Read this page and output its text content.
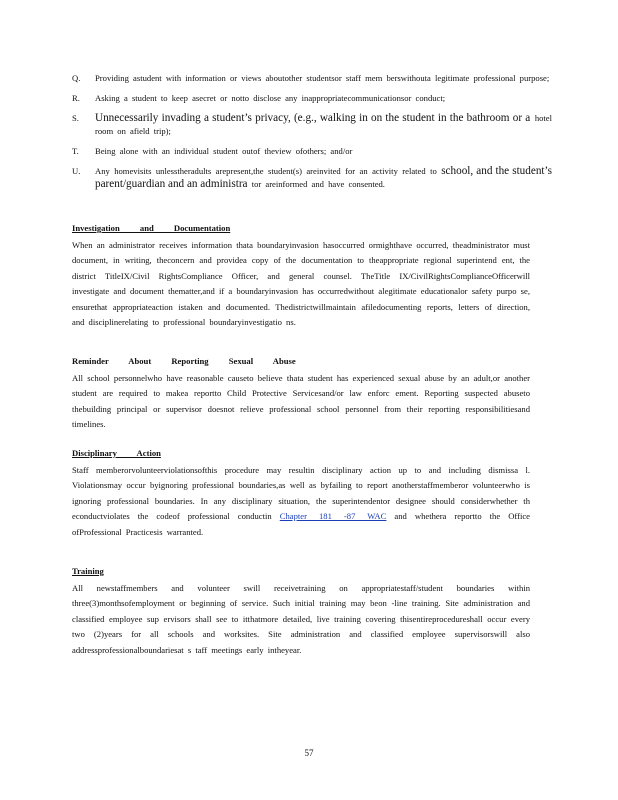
Q.	Providing astudent with information or views aboutother studentsor staff mem berswithouta legitimate professional purpose;
R.	Asking a student to keep asecret or notto disclose any inappropriatecommunicationsor conduct;
S.	Unnecessarily invading a student’s privacy, (e.g., walking in on the student in the bathroom or a hotel room on afield trip);
T.	Being alone with an individual student outof theview ofothers; and/or
U.	Any homevisits unlesstheradults arepresent,the student(s) areinvited for an activity related to school, and the student’s parent/guardian and an administra tor areinformed and have consented.

Investigation and Documentation

When an administrator receives information thata boundaryinvasion hasoccurred ormighthave occurred, theadministrator must document, in writing, theconcern and providea copy of the documentation to theappropriate regional superintend ent, the district TitleIX/Civil RightsCompliance Officer, and general counsel. TheTitle IX/CivilRightsComplianceOfficerwill investigate and document thematter,and if a boundaryinvasion has occurredwithout alegitimate educationalor safety purpo se, ensurethat appropriateaction istaken and documented. Thedistrictwillmaintain afiledocumenting reports, letters of direction, and disciplinerelating to professional boundaryinvestigatio ns.

Reminder About Reporting Sexual Abuse

All school personnelwho have reasonable causeto believe thata student has experienced sexual abuse by an adult,or another student are required to makea reportto Child Protective Servicesand/or law enforc ement. Reporting suspected abuseto thebuilding principal or supervisor doesnot relieve professional school personnel from their reporting responsibilitiesand timelines.

Disciplinary Action

Staff memberorvolunteerviolationsofthis procedure may resultin disciplinary action up to and including dismissa l. Violationsmay occur byignoring professional boundaries,as well as byfailing to report anotherstaffmemberor volunteerwho is ignoring professional boundaries. In any disciplinary situation, the superintendentor designee should considerwhether th econductviolates the codeof professional conductin Chapter 181 -87 WAC and whethera reportto the Office ofProfessional Practicesis warranted.

Training

All newstaffmembers and volunteer swill receivetraining on appropriatestaff/student boundaries within three(3)monthsofemployment or beginning of service. Such initial training may beon -line training. Site administration and classified employee sup ervisors shall see to itthatmore detailed, live training covering thisentireprocedureshall occur every two (2)years for all schools and worksites. Site administration and classified employee supervisorswill also addressprofessionalboundariesat s taff meetings early intheyear.

57
